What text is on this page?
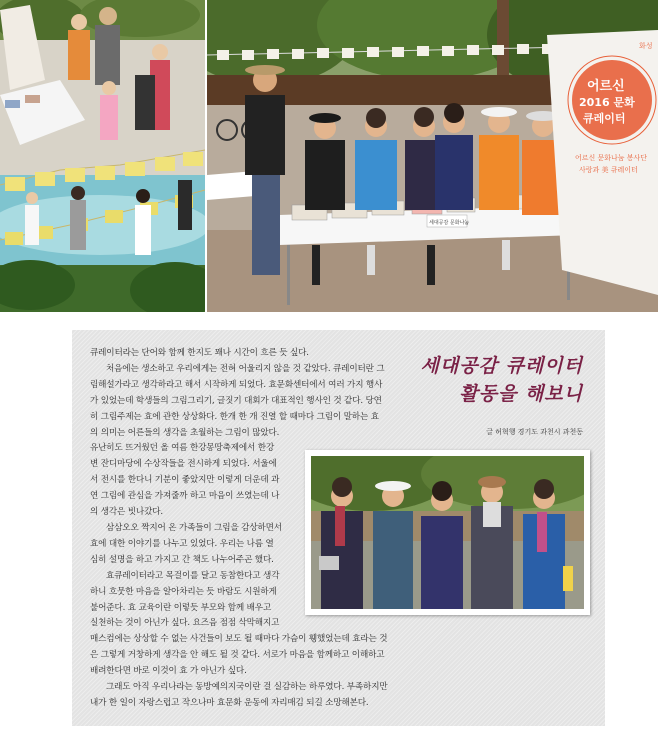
세대공감 문화나눔
어르신
2016 문화
큐레이터
어르신 문화나눔 봉사단
사랑과 美 큐레이터
화성
세대공감 큐레이터
활동을 해보니
글 허혁행 경기도 과천시 과천동

큐레이터라는 단어와 함께 한지도 꽤나 시간이 흐른 듯 싶다.

처음에는 생소하고 우리에게는 전혀 어울리지 않을 것 같았다. 큐레이터란 그

림해설가라고 생각하라고 해서 시작하게 되었다. 효문화센터에서 여러 가지 행사

가 있었는데 학생들의 그림그리기, 글짓기 대회가 대표적인 행사인 것 같다. 당연

히 그림주제는 효에 관한 상상화다. 한개 한 개 진열 할 때마다 그림이 말하는 효

의 의미는 어른들의 생각을 초월하는 그림이 많았다.

유난히도 뜨거웠던 올 여름 한강몽땅축제에서 한강

변 잔디마당에 수상작들을 전시하게 되었다. 서울에

서 전시를 한다니 기분이 좋았지만 이렇게 더운데 과

연 그림에 관심을 가져줄까 하고 마음이 쓰였는데 나

의 생각은 빗나갔다.

삼삼오오 짝지어 온 가족들이 그림을 감상하면서

효에 대한 이야기를 나누고 있었다. 우리는 나름 열

심히 설명을 하고 가지고 간 책도 나누어주곤 했다.

효큐레이터라고 목걸이를 달고 동참한다고 생각

하니 흐뭇한 마음을 알아차리는 듯 바람도 시원하게

불어준다. 효 교육이란 이렇듯 부모와 함께 배우고

실천하는 것이 아닌가 싶다. 요즈음 점점 삭막해지고

매스컴에는 상상할 수 없는 사건들이 보도 될 때마다 가슴이 휑했었는데 효라는 것

은 그렇게 거창하게 생각을 안 해도 될 것 같다. 서로가 마음을 함께하고 이해하고

배려한다면 바로 이것이 효 가 아닌가 싶다.

그래도 아직 우리나라는 동방예의지국이란 걸 실감하는 하루였다. 부족하지만

내가 한 일이 자랑스럽고 작으나마 효문화 운동에 자리매김 되길 소망해본다.
